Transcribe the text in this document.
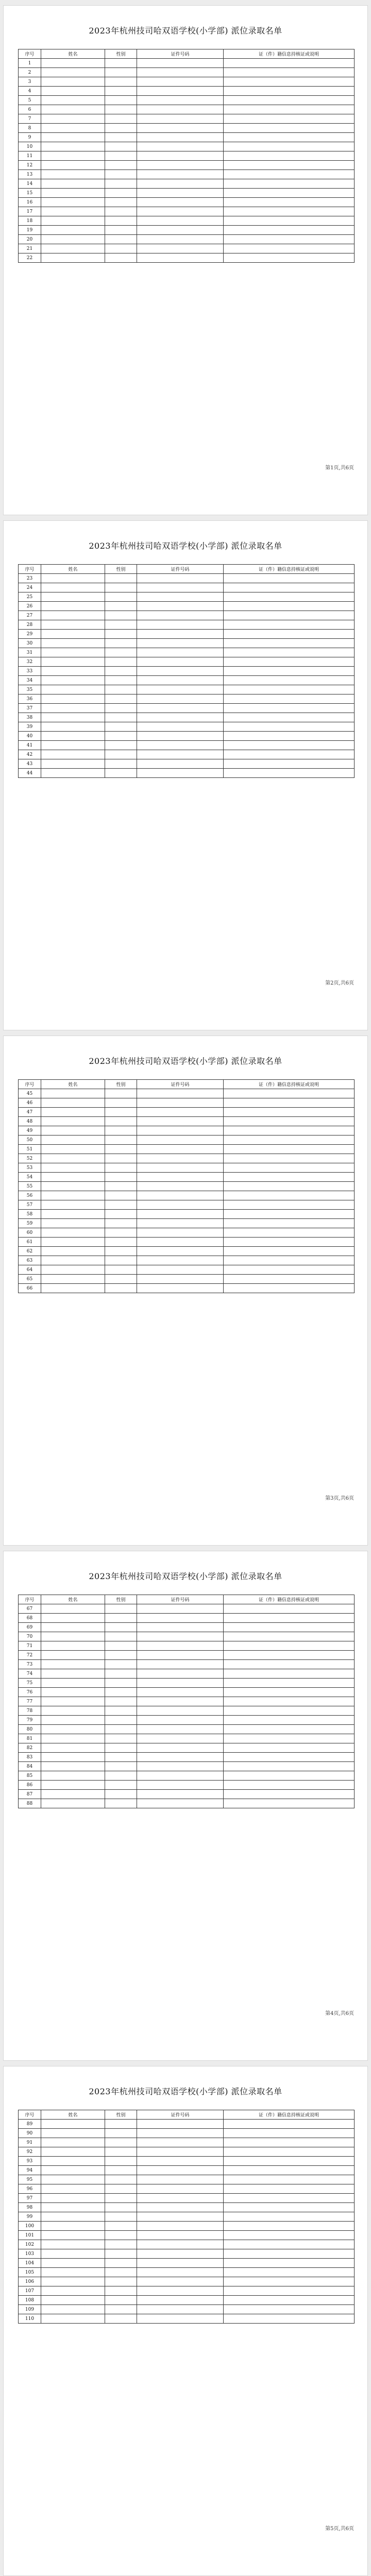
2023年杭州技司哈双语学校(小学部) 派位录取名单
序号	姓名	性别	证件号码	证（件）籍信息持核证或说明
1				
2				
3				
4				
5				
6				
7				
8				
9				
10				
11				
12				
13				
14				
15				
16				
17				
18				
19				
20				
21				
22				
第1页,共6页
2023年杭州技司哈双语学校(小学部) 派位录取名单
序号	姓名	性别	证件号码	证（件）籍信息持核证或说明
23				
24				
25				
26				
27				
28				
29				
30				
31				
32				
33				
34				
35				
36				
37				
38				
39				
40				
41				
42				
43				
44				
第2页,共6页
2023年杭州技司哈双语学校(小学部) 派位录取名单
序号	姓名	性别	证件号码	证（件）籍信息持核证或说明
45				
46				
47				
48				
49				
50				
51				
52				
53				
54				
55				
56				
57				
58				
59				
60				
61				
62				
63				
64				
65				
66				
第3页,共6页
2023年杭州技司哈双语学校(小学部) 派位录取名单
序号	姓名	性别	证件号码	证（件）籍信息持核证或说明
67				
68				
69				
70				
71				
72				
73				
74				
75				
76				
77				
78				
79				
80				
81				
82				
83				
84				
85				
86				
87				
88				
第4页,共6页
2023年杭州技司哈双语学校(小学部) 派位录取名单
序号	姓名	性别	证件号码	证（件）籍信息持核证或说明
89				
90				
91				
92				
93				
94				
95				
96				
97				
98				
99				
100				
101				
102				
103				
104				
105				
106				
107				
108				
109				
110				
第5页,共6页
